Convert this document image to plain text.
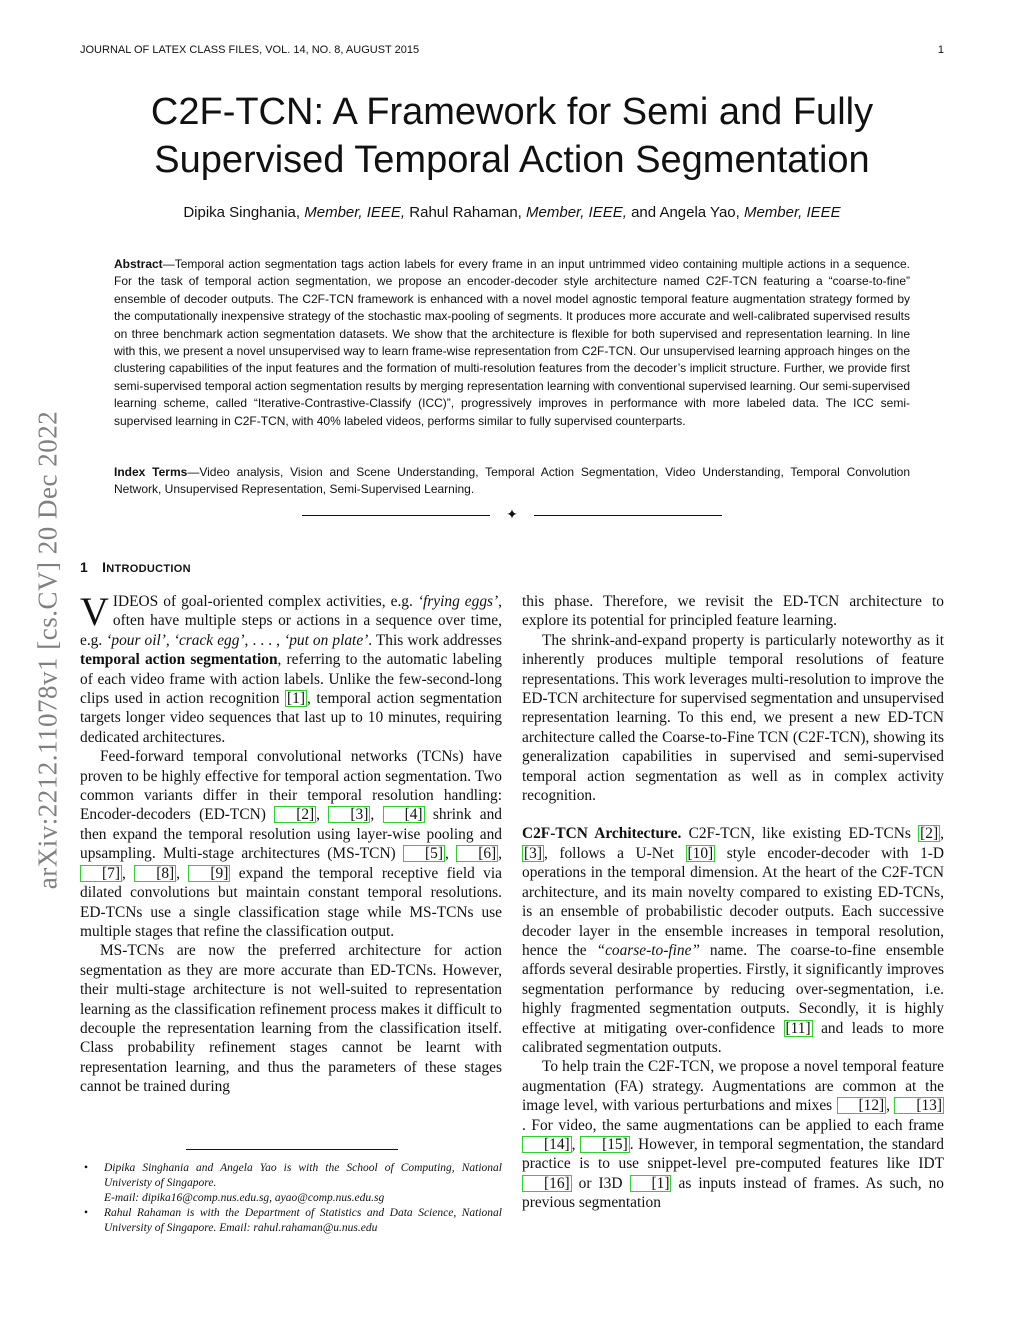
JOURNAL OF LATEX CLASS FILES, VOL. 14, NO. 8, AUGUST 2015	1
arXiv:2212.11078v1 [cs.CV] 20 Dec 2022
C2F-TCN: A Framework for Semi and Fully
Supervised Temporal Action Segmentation
Dipika Singhania, Member, IEEE, Rahul Rahaman, Member, IEEE, and Angela Yao, Member, IEEE
Abstract—Temporal action segmentation tags action labels for every frame in an input untrimmed video containing multiple actions in a sequence. For the task of temporal action segmentation, we propose an encoder-decoder style architecture named C2F-TCN featuring a “coarse-to-fine” ensemble of decoder outputs. The C2F-TCN framework is enhanced with a novel model agnostic temporal feature augmentation strategy formed by the computationally inexpensive strategy of the stochastic max-pooling of segments. It produces more accurate and well-calibrated supervised results on three benchmark action segmentation datasets. We show that the architecture is flexible for both supervised and representation learning. In line with this, we present a novel unsupervised way to learn frame-wise representation from C2F-TCN. Our unsupervised learning approach hinges on the clustering capabilities of the input features and the formation of multi-resolution features from the decoder’s implicit structure. Further, we provide first semi-supervised temporal action segmentation results by merging representation learning with conventional supervised learning. Our semi-supervised learning scheme, called “Iterative-Contrastive-Classify (ICC)”, progressively improves in performance with more labeled data. The ICC semi-supervised learning in C2F-TCN, with 40% labeled videos, performs similar to fully supervised counterparts.
Index Terms—Video analysis, Vision and Scene Understanding, Temporal Action Segmentation, Video Understanding, Temporal Convolution Network, Unsupervised Representation, Semi-Supervised Learning.
✦
1 INTRODUCTION

VIDEOS of goal-oriented complex activities, e.g. ‘frying eggs’, often have multiple steps or actions in a sequence over time, e.g. ‘pour oil’, ‘crack egg’, . . . , ‘put on plate’. This work addresses temporal action segmentation, referring to the automatic labeling of each video frame with action labels. Unlike the few-second-long clips used in action recognition [1] , temporal action segmentation targets longer video sequences that last up to 10 minutes, requiring dedicated architectures.

Feed-forward temporal convolutional networks (TCNs) have proven to be highly effective for temporal action segmentation. Two common variants differ in their temporal resolution handling: Encoder-decoders (ED-TCN) [2] , [3] , [4] shrink and then expand the temporal resolution using layer-wise pooling and upsampling. Multi-stage architectures (MS-TCN) [5] , [6] , [7] , [8] , [9] expand the temporal receptive field via dilated convolutions but maintain constant temporal resolutions. ED-TCNs use a single classification stage while MS-TCNs use multiple stages that refine the classification output.

MS-TCNs are now the preferred architecture for action segmentation as they are more accurate than ED-TCNs. However, their multi-stage architecture is not well-suited to representation learning as the classification refinement process makes it difficult to decouple the representation learning from the classification itself. Class probability refinement stages cannot be learnt with representation learning, and thus the parameters of these stages cannot be trained during

this phase. Therefore, we revisit the ED-TCN architecture to explore its potential for principled feature learning.

The shrink-and-expand property is particularly noteworthy as it inherently produces multiple temporal resolutions of feature representations. This work leverages multi-resolution to improve the ED-TCN architecture for supervised segmentation and unsupervised representation learning. To this end, we present a new ED-TCN architecture called the Coarse-to-Fine TCN (C2F-TCN), showing its generalization capabilities in supervised and semi-supervised temporal action segmentation as well as in complex activity recognition.

C2F-TCN Architecture. C2F-TCN, like existing ED-TCNs [2] , [3] , follows a U-Net [10] style encoder-decoder with 1-D operations in the temporal dimension. At the heart of the C2F-TCN architecture, and its main novelty compared to existing ED-TCNs, is an ensemble of probabilistic decoder outputs. Each successive decoder layer in the ensemble increases in temporal resolution, hence the “coarse-to-fine” name. The coarse-to-fine ensemble affords several desirable properties. Firstly, it significantly improves segmentation performance by reducing over-segmentation, i.e. highly fragmented segmentation outputs. Secondly, it is highly effective at mitigating over-confidence [11] and leads to more calibrated segmentation outputs.

To help train the C2F-TCN, we propose a novel temporal feature augmentation (FA) strategy. Augmentations are common at the image level, with various perturbations and mixes [12] , [13]. For video, the same augmentations can be applied to each frame [14] , [15] . However, in temporal segmentation, the standard practice is to use snippet-level pre-computed features like IDT [16] or I3D [1] as inputs instead of frames. As such, no previous segmentation

• Dipika Singhania and Angela Yao is with the School of Computing, National Univeristy of Singapore.
E-mail: dipika16@comp.nus.edu.sg, ayao@comp.nus.edu.sg
• Rahul Rahaman is with the Department of Statistics and Data Science, National University of Singapore. Email: rahul.rahaman@u.nus.edu
